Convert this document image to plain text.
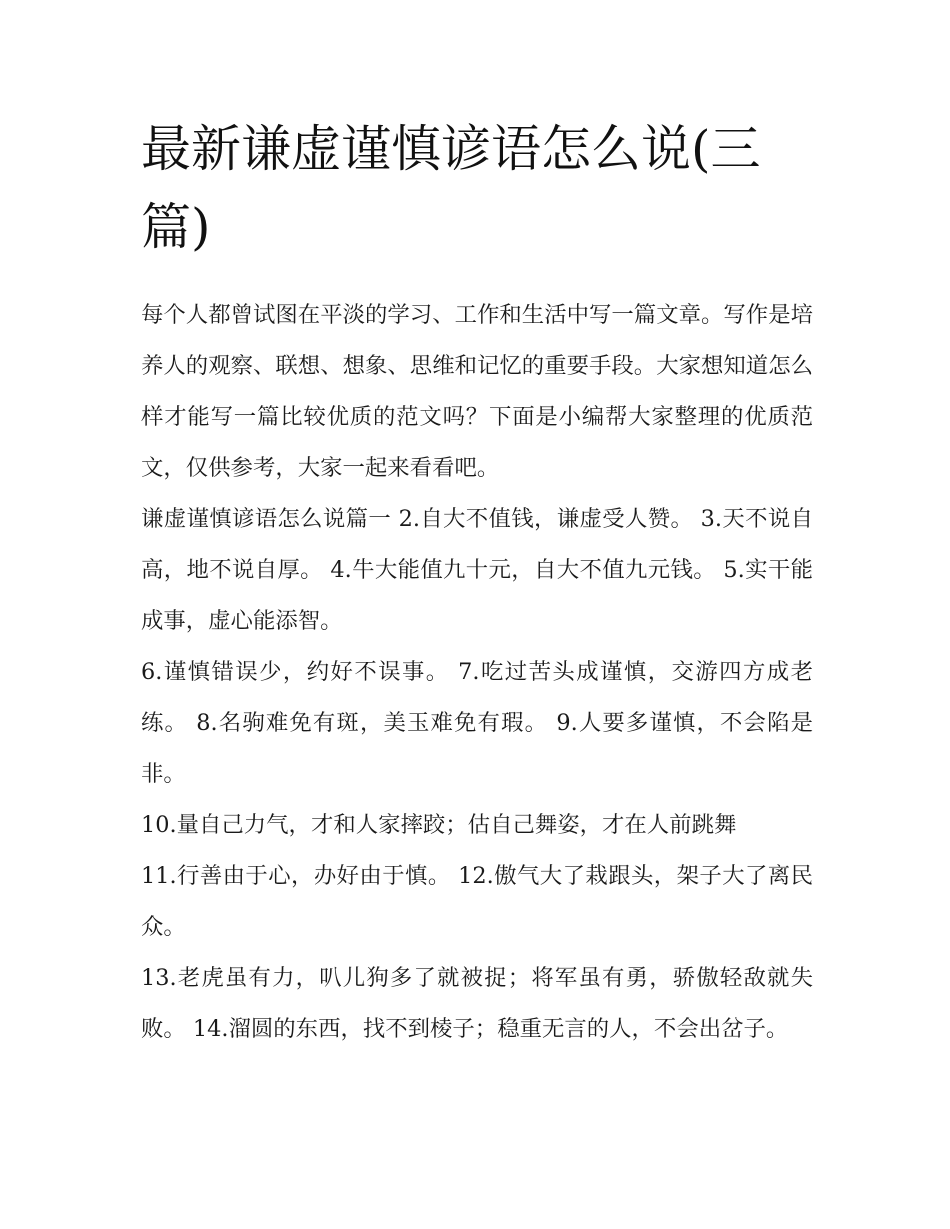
最新谦虚谨慎谚语怎么说(三篇)

每个人都曾试图在平淡的学习、工作和生活中写一篇文章。写作是培养人的观察、联想、想象、思维和记忆的重要手段。大家想知道怎么样才能写一篇比较优质的范文吗？下面是小编帮大家整理的优质范文，仅供参考，大家一起来看看吧。

谦虚谨慎谚语怎么说篇一 2.自大不值钱，谦虚受人赞。 3.天不说自高，地不说自厚。 4.牛大能值九十元，自大不值九元钱。 5.实干能成事，虚心能添智。

6.谨慎错误少，约好不误事。 7.吃过苦头成谨慎，交游四方成老练。 8.名驹难免有斑，美玉难免有瑕。 9.人要多谨慎，不会陷是非。

10.量自己力气，才和人家摔跤；估自己舞姿，才在人前跳舞

11.行善由于心，办好由于慎。 12.傲气大了栽跟头，架子大了离民众。

13.老虎虽有力，叭儿狗多了就被捉；将军虽有勇，骄傲轻敌就失败。 14.溜圆的东西，找不到棱子；稳重无言的人，不会出岔子。
